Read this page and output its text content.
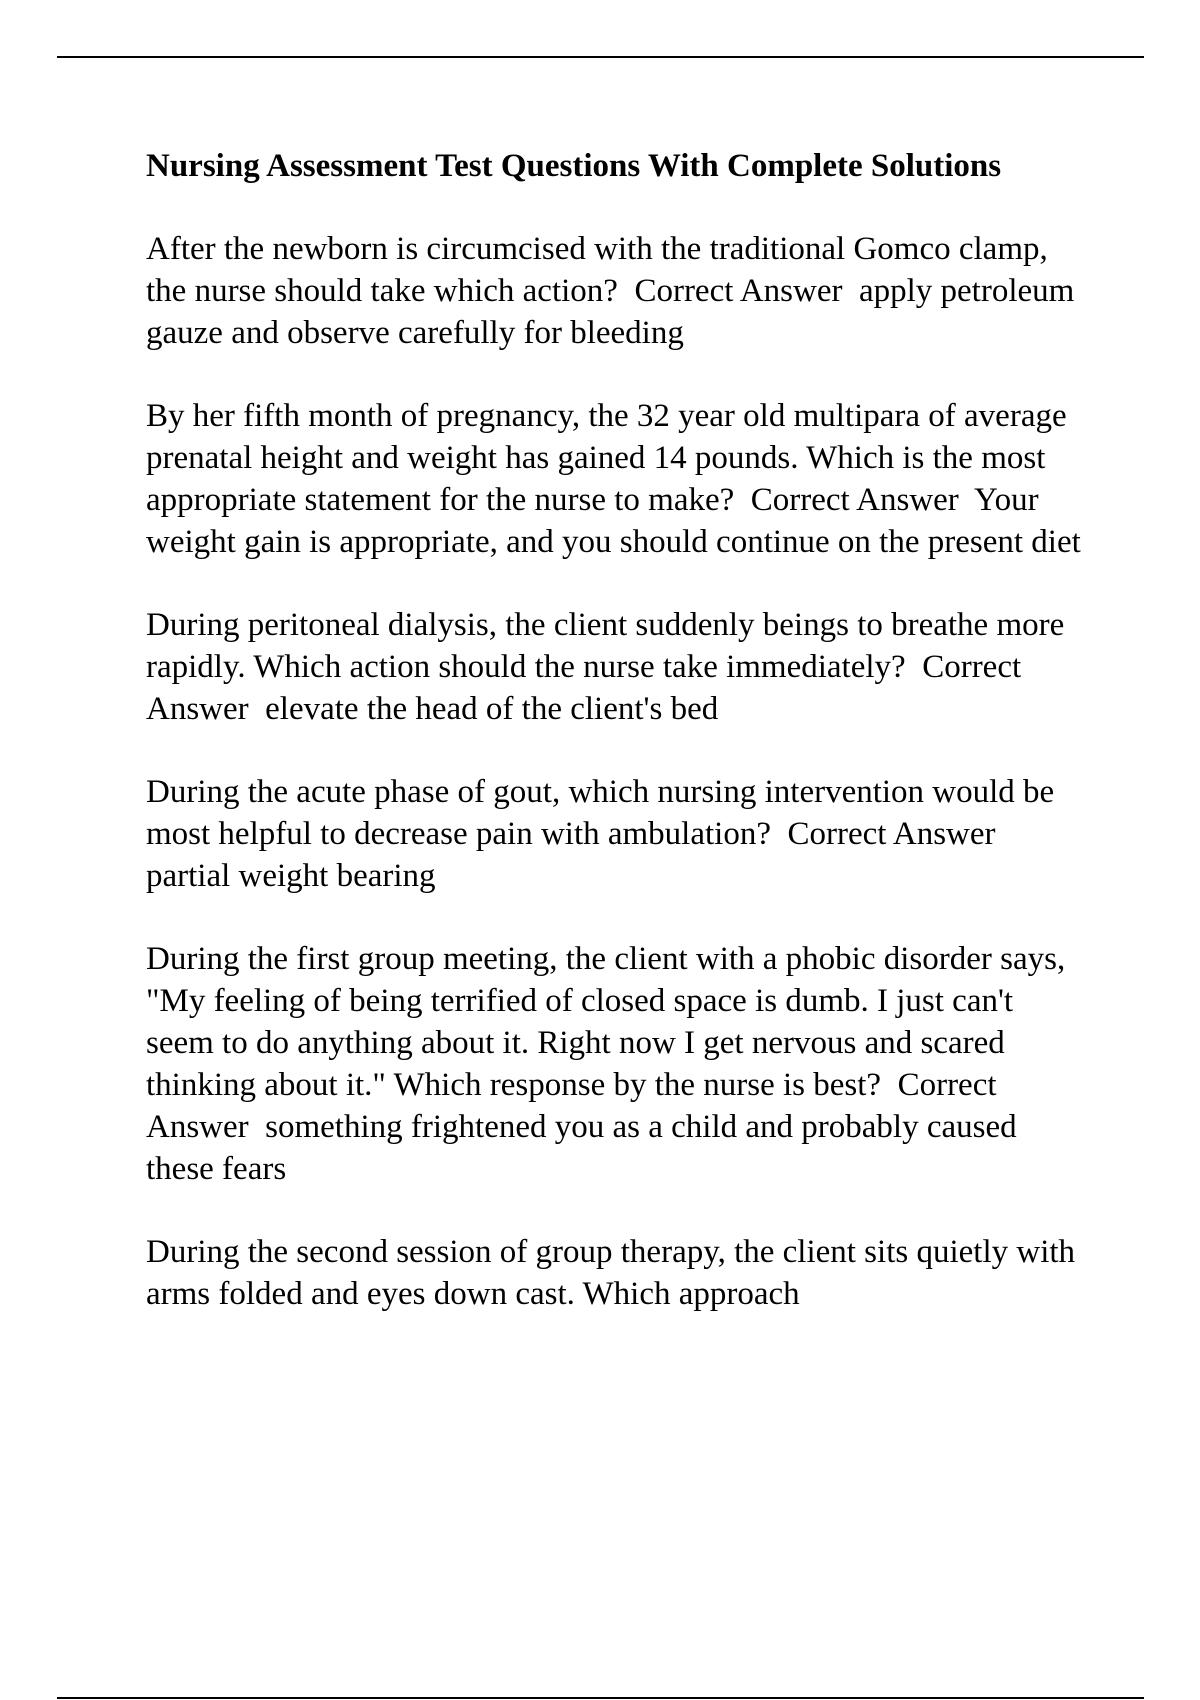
Nursing Assessment Test Questions With Complete Solutions
After the newborn is circumcised with the traditional Gomco clamp, the nurse should take which action?  Correct Answer  apply petroleum gauze and observe carefully for bleeding
By her fifth month of pregnancy, the 32 year old multipara of average prenatal height and weight has gained 14 pounds. Which is the most appropriate statement for the nurse to make?  Correct Answer  Your weight gain is appropriate, and you should continue on the present diet
During peritoneal dialysis, the client suddenly beings to breathe more rapidly. Which action should the nurse take immediately?  Correct Answer  elevate the head of the client's bed
During the acute phase of gout, which nursing intervention would be most helpful to decrease pain with ambulation?  Correct Answer  partial weight bearing
During the first group meeting, the client with a phobic disorder says, "My feeling of being terrified of closed space is dumb. I just can't seem to do anything about it. Right now I get nervous and scared thinking about it." Which response by the nurse is best?  Correct Answer  something frightened you as a child and probably caused these fears
During the second session of group therapy, the client sits quietly with arms folded and eyes down cast. Which approach
